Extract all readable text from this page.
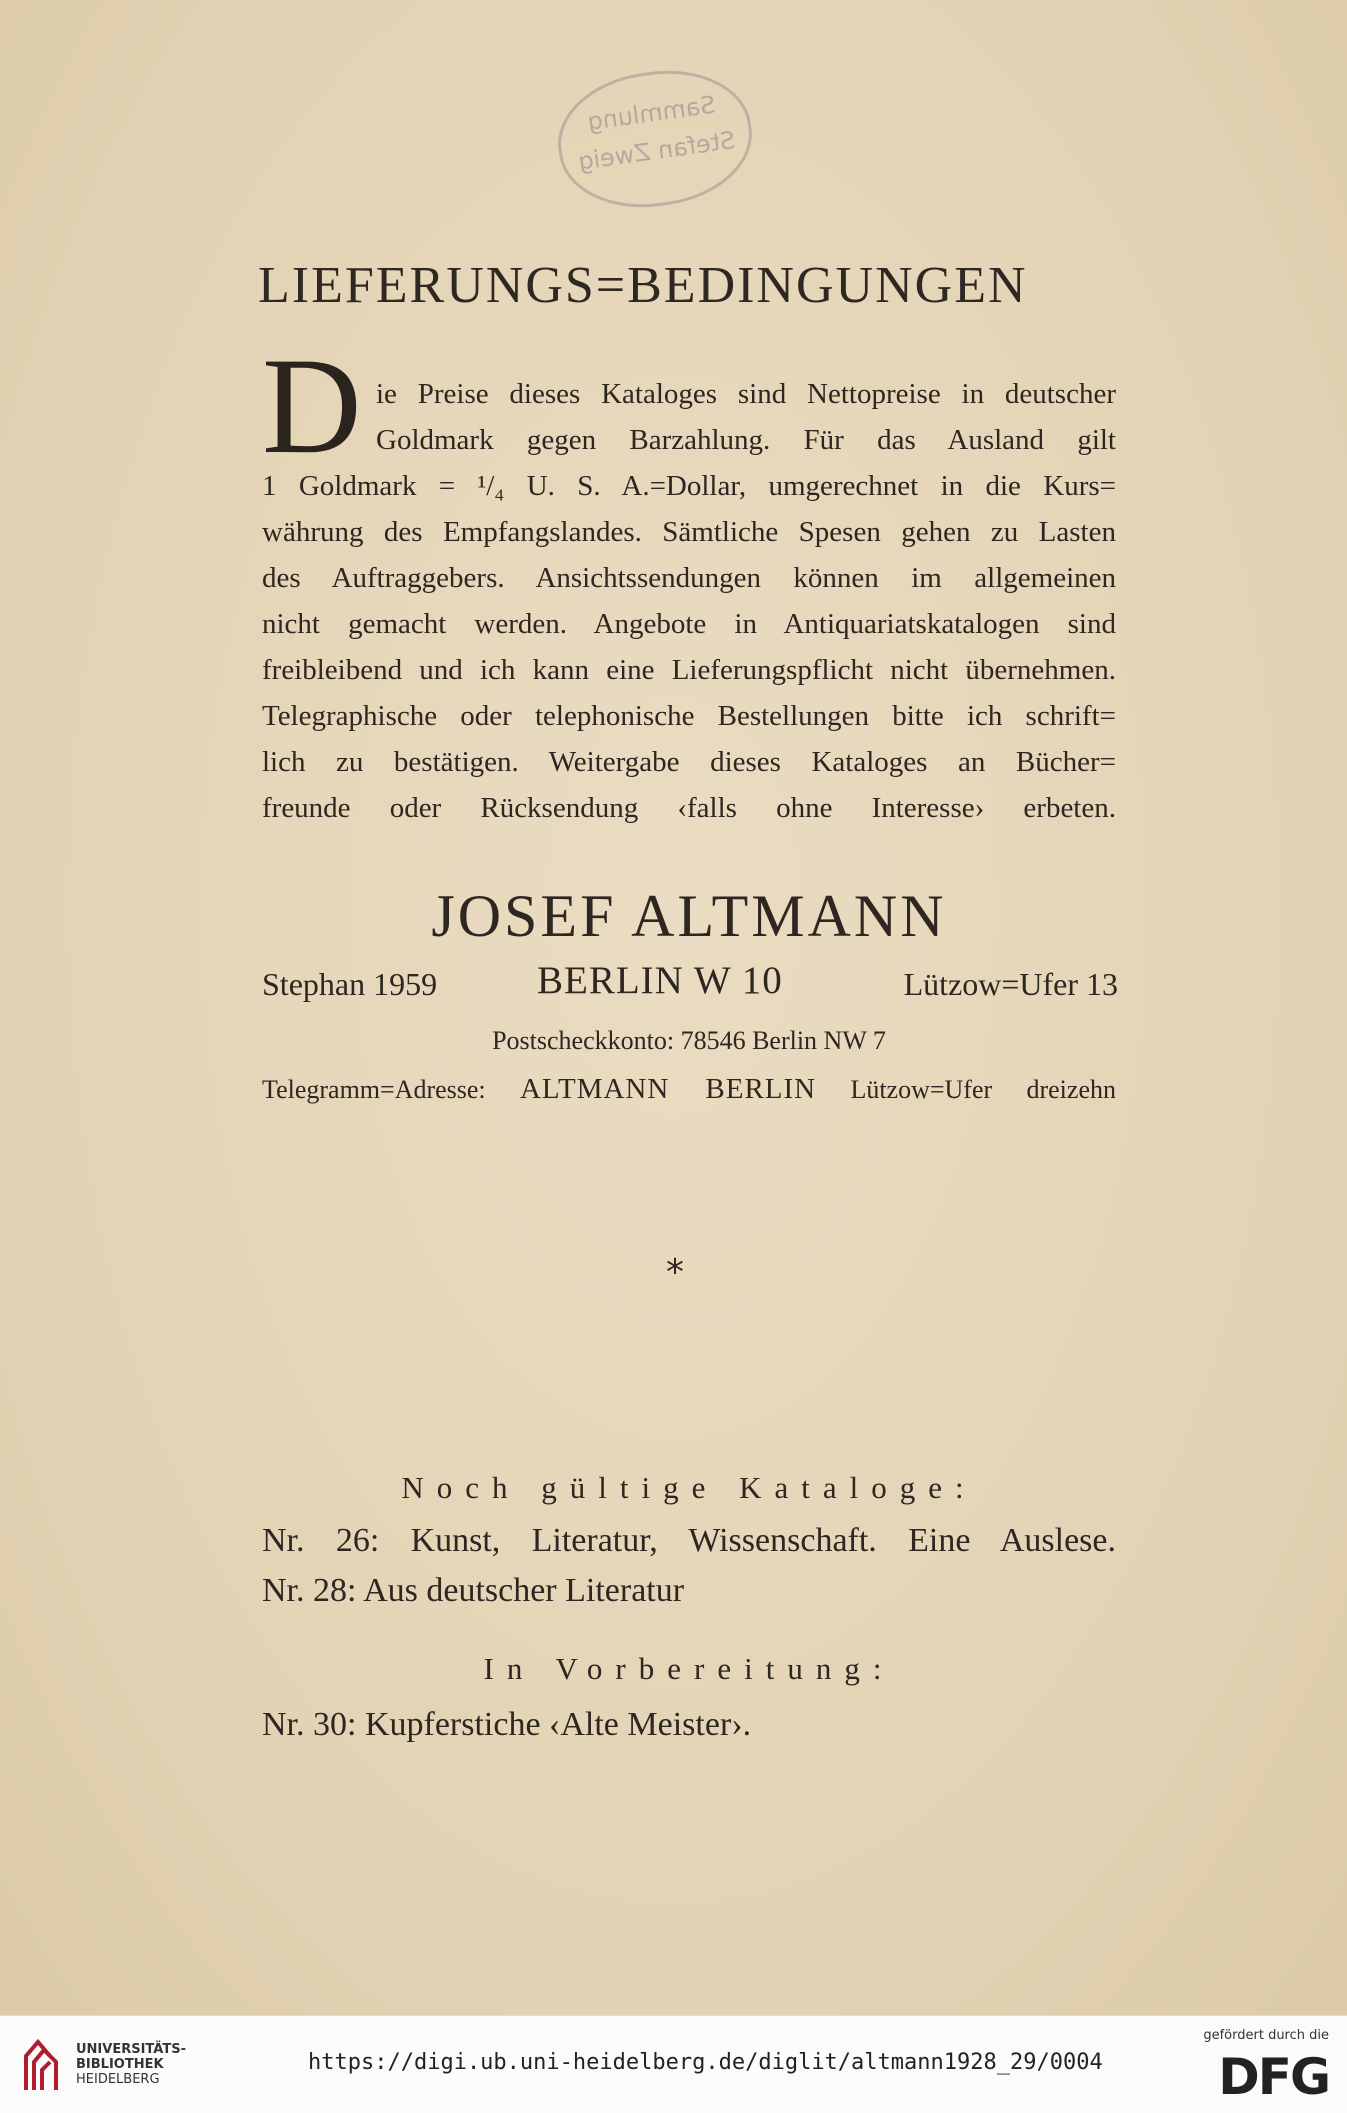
Sammlung
Stefan Zweig
LIEFERUNGS=BEDINGUNGEN
D ie Preise dieses Kataloges sind Nettopreise in deutscher
Goldmark gegen Barzahlung. Für das Ausland gilt
1 Goldmark = ¹/₄ U. S. A.=Dollar, umgerechnet in die Kurs=
währung des Empfangslandes. Sämtliche Spesen gehen zu Lasten
des Auftraggebers. Ansichtssendungen können im allgemeinen
nicht gemacht werden. Angebote in Antiquariatskatalogen sind
freibleibend und ich kann eine Lieferungspflicht nicht übernehmen.
Telegraphische oder telephonische Bestellungen bitte ich schrift=
lich zu bestätigen. Weitergabe dieses Kataloges an Bücher=
freunde oder Rücksendung ‹falls ohne Interesse› erbeten.
JOSEF ALTMANN
Stephan 1959	BERLIN W 10	Lützow=Ufer 13
Postscheckkonto: 78546 Berlin NW 7
Telegramm=Adresse: ALTMANN BERLIN Lützow=Ufer dreizehn
*
Noch gültige Kataloge:
Nr. 26: Kunst, Literatur, Wissenschaft. Eine Auslese.
Nr. 28: Aus deutscher Literatur
In Vorbereitung:
Nr. 30: Kupferstiche ‹Alte Meister›.
UNIVERSITÄTS-
BIBLIOTHEK
HEIDELBERG
https://digi.ub.uni-heidelberg.de/diglit/altmann1928_29/0004
gefördert durch die
DFG
